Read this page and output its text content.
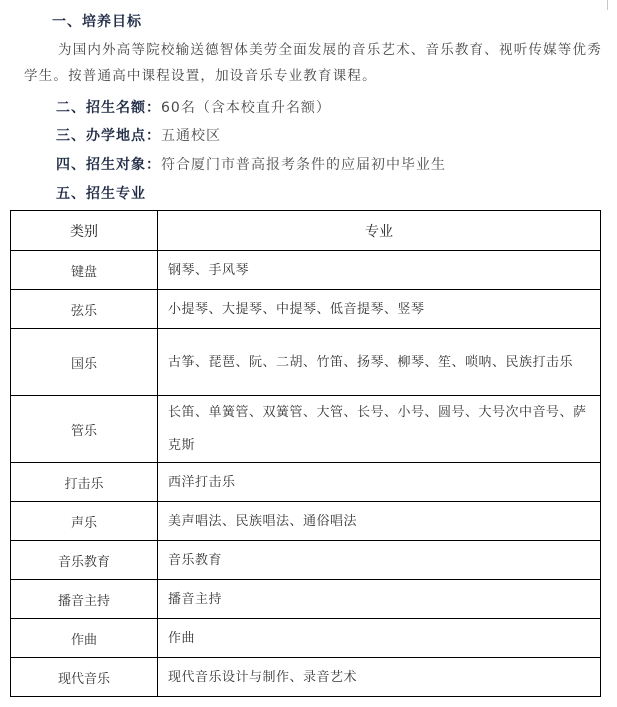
一、培养目标
为国内外高等院校输送德智体美劳全面发展的音乐艺术、音乐教育、视听传媒等优秀学生。按普通高中课程设置，加设音乐专业教育课程。
二、招生名额：60名（含本校直升名额）
三、办学地点：五通校区
四、招生对象：符合厦门市普高报考条件的应届初中毕业生
五、招生专业
类别	专业
键盘	钢琴、手风琴
弦乐	小提琴、大提琴、中提琴、低音提琴、竖琴
国乐	古筝、琵琶、阮、二胡、竹笛、扬琴、柳琴、笙、唢呐、民族打击乐
管乐	长笛、单簧管、双簧管、大管、长号、小号、圆号、大号次中音号、萨克斯
打击乐	西洋打击乐
声乐	美声唱法、民族唱法、通俗唱法
音乐教育	音乐教育
播音主持	播音主持
作曲	作曲
现代音乐	现代音乐设计与制作、录音艺术
